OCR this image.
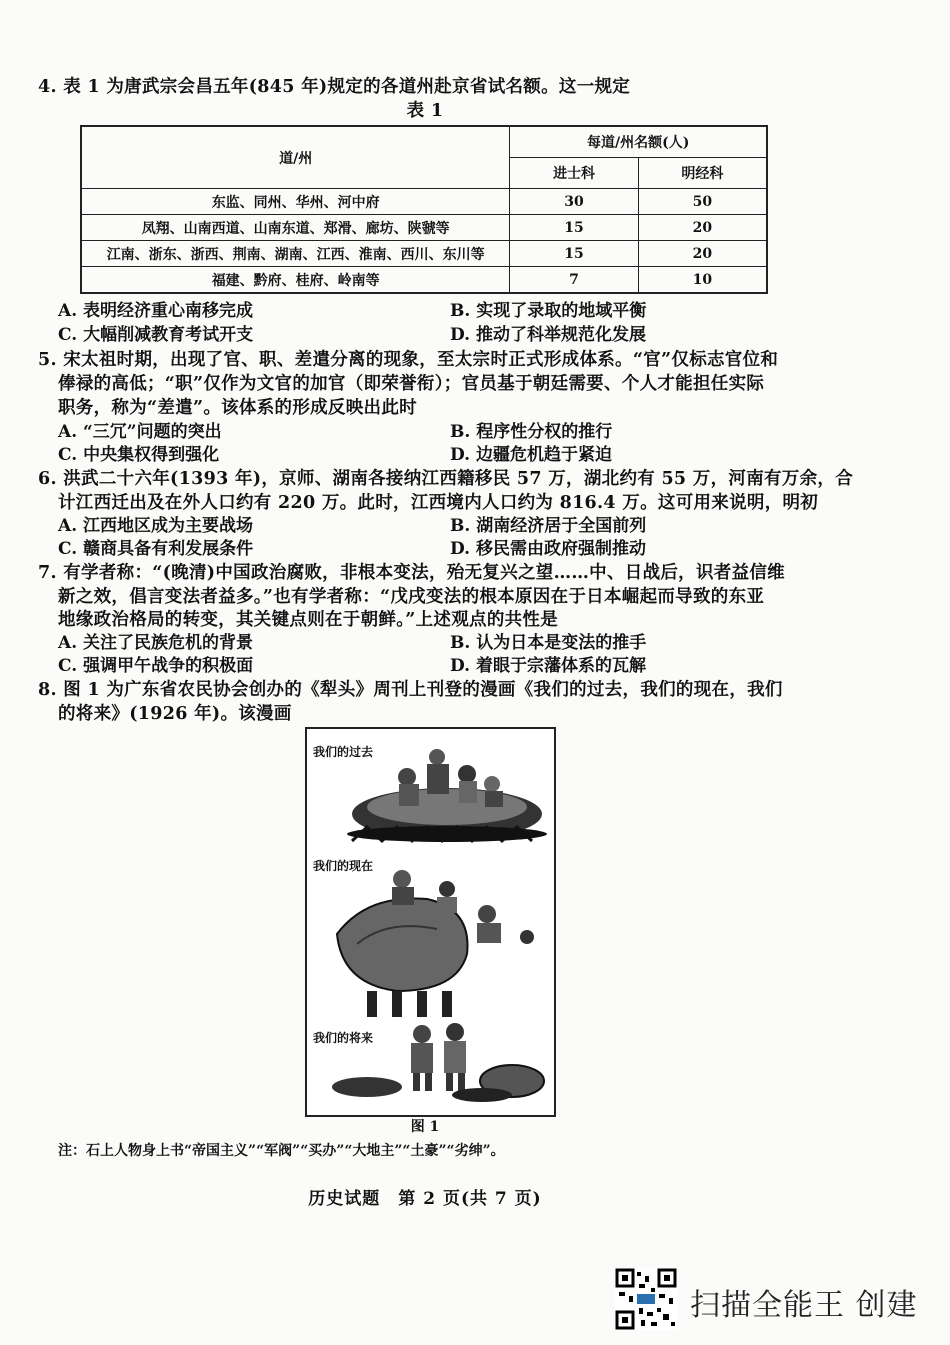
4. 表 1 为唐武宗会昌五年(845 年)规定的各道州赴京省试名额。这一规定
表 1
道/州	每道/州名额(人)	
	进士科	明经科
东监、同州、华州、河中府	30	50
凤翔、山南西道、山南东道、郑滑、廊坊、陕虢等	15	20
江南、浙东、浙西、荆南、湖南、江西、淮南、西川、东川等	15	20
福建、黔府、桂府、岭南等	7	10
A. 表明经济重心南移完成	B. 实现了录取的地域平衡
C. 大幅削减教育考试开支	D. 推动了科举规范化发展
5. 宋太祖时期，出现了官、职、差遣分离的现象，至太宗时正式形成体系。“官”仅标志官位和
俸禄的高低；“职”仅作为文官的加官（即荣誉衔）；官员基于朝廷需要、个人才能担任实际
职务，称为“差遣”。该体系的形成反映出此时
A. “三冗”问题的突出	B. 程序性分权的推行
C. 中央集权得到强化	D. 边疆危机趋于紧迫
6. 洪武二十六年(1393 年)，京师、湖南各接纳江西籍移民 57 万，湖北约有 55 万，河南有万余，合
计江西迁出及在外人口约有 220 万。此时，江西境内人口约为 816.4 万。这可用来说明，明初
A. 江西地区成为主要战场	B. 湖南经济居于全国前列
C. 赣商具备有利发展条件	D. 移民需由政府强制推动
7. 有学者称：“(晚清)中国政治腐败，非根本变法，殆无复兴之望……中、日战后，识者益信维
新之效，倡言变法者益多。”也有学者称：“戊戌变法的根本原因在于日本崛起而导致的东亚
地缘政治格局的转变，其关键点则在于朝鲜。”上述观点的共性是
A. 关注了民族危机的背景	B. 认为日本是变法的推手
C. 强调甲午战争的积极面	D. 着眼于宗藩体系的瓦解
8. 图 1 为广东省农民协会创办的《犁头》周刊上刊登的漫画《我们的过去，我们的现在，我们
的将来》(1926 年)。该漫画
我们的过去
我们的现在
我们的将来
图 1
注：石上人物身上书“帝国主义”“军阀”“买办”“大地主”“土豪”“劣绅”。
历史试题　第 2 页(共 7 页)
扫描全能王 创建
